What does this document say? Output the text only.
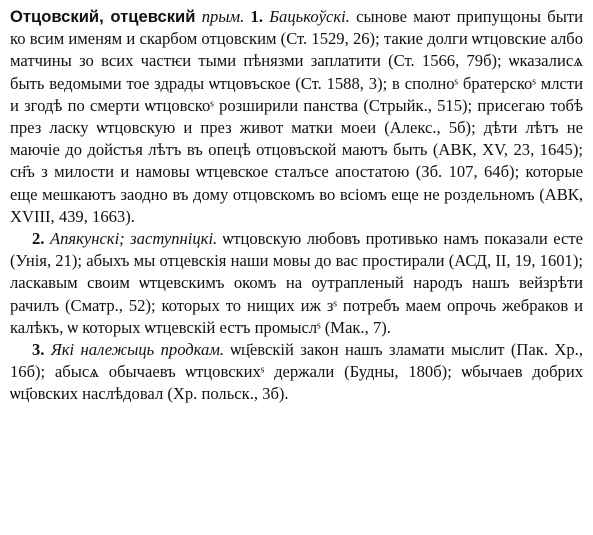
Отцовский, отцевский прым. 1. Бацькоўскі. сынове мают припущоны быти ко всим именям и скарбом отцовским (Ст. 1529, 26); такие долги ѡтцовские албо матчины зо всих частѥи тыми пѣнязми заплатити (Ст. 1566, 79б); ѡказалисѧ быть ведомыми тое здрады ѡтцовъское (Ст. 1588, 3); в сполноˢ братерскоˢ млсти и згодѣ по смерти ѡтцовскоˢ розширили панства (Стрыйк., 515); присегаю тобѣ през ласку ѡтцовскую и през живот матки моеи (Алекс., 5б); дѣти лѣтъ не маючіе до дойстья лѣтъ въ опецѣ отцовъской маютъ быть (АВК, XV, 23, 1645); сн҃ъ з милости и намовы ѡтцевское сталъсе апостатою (Зб. 107, 64б); которые еще мешкаютъ заодно въ дому отцовскомъ во всіомъ еще не роздельномъ (АВК, XVIII, 439, 1663).

2. Апякунскі; заступніцкі. ѡтцовскую любовъ противько намъ показали есте (Унія, 21); абыхъ мы отцевскія наши мовы до вас простирали (АСД, II, 19, 1601); ласкавым своим ѡтцевскимъ окомъ на оутрапленый народъ нашъ вейзрѣти рачилъ (Сматр., 52); которых то нищих иж зˢ потребъ маем опрочь жебраков и калѣкъ, ѡ которых ѡтцевскій естъ промыслˢ (Мак., 7).

3. Які належыць продкам. ѡц҃евскій закон нашъ зламати мыслит (Пак. Хр., 16б); абысѧ обычаевъ ѡтцовскихˢ держали (Будны, 180б); ѡбычаев добрих ѡц҃овских наслѣдовал (Хр. польск., 3б).
